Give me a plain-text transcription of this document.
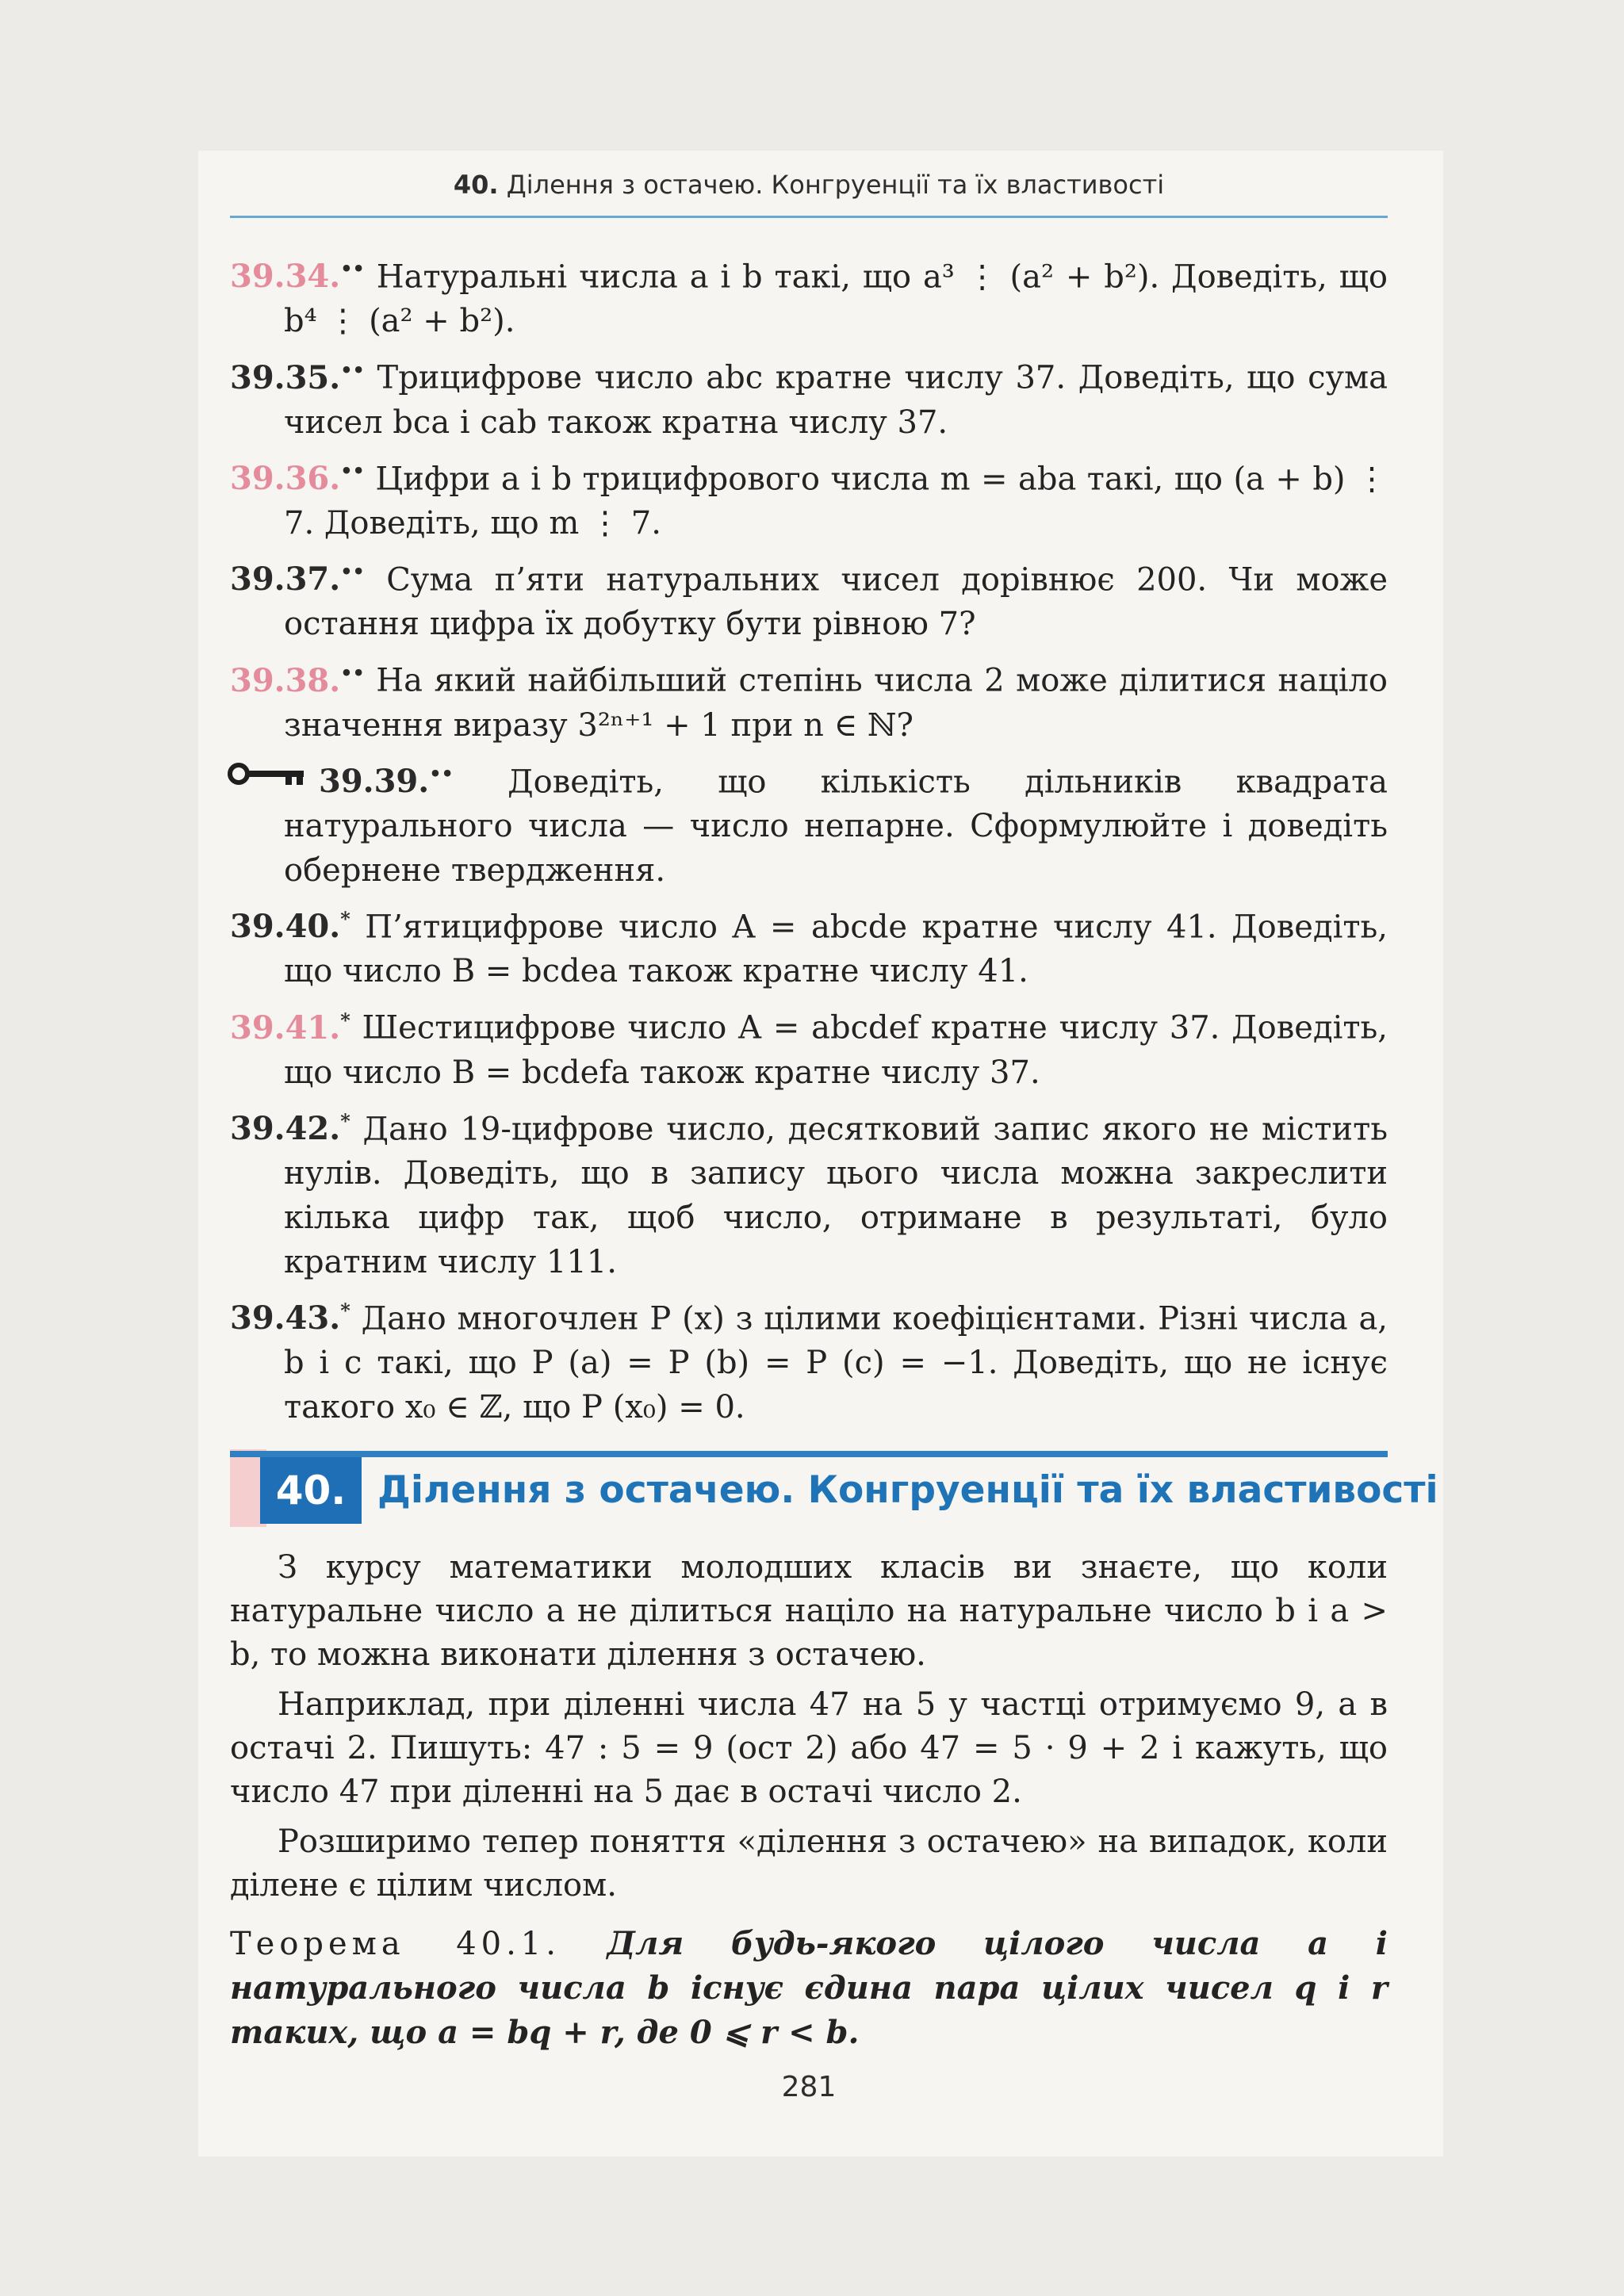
40. Ділення з остачею. Конгруенції та їх властивості
39.34.•• Натуральні числа a і b такі, що a³ ⋮ (a² + b²). Доведіть, що b⁴ ⋮ (a² + b²).
39.35.•• Трицифрове число abc кратне числу 37. Доведіть, що сума чисел bca і cab також кратна числу 37.
39.36.•• Цифри a і b трицифрового числа m = aba такі, що (a + b) ⋮ 7. Доведіть, що m ⋮ 7.
39.37.•• Сума п’яти натуральних чисел дорівнює 200. Чи може остання цифра їх добутку бути рівною 7?
39.38.•• На який найбільший степінь числа 2 може ділитися націло значення виразу 3²ⁿ⁺¹ + 1 при n ∈ ℕ?
39.39.•• Доведіть, що кількість дільників квадрата натурального числа — число непарне. Сформулюйте і доведіть обернене твердження.
39.40.* П’ятицифрове число A = abcde кратне числу 41. Доведіть, що число B = bcdea також кратне числу 41.
39.41.* Шестицифрове число A = abcdef кратне числу 37. Доведіть, що число B = bcdefa також кратне числу 37.
39.42.* Дано 19-цифрове число, десятковий запис якого не містить нулів. Доведіть, що в запису цього числа можна закреслити кілька цифр так, щоб число, отримане в результаті, було кратним числу 111.
39.43.* Дано многочлен P (x) з цілими коефіцієнтами. Різні числа a, b і c такі, що P (a) = P (b) = P (c) = −1. Доведіть, що не існує такого x₀ ∈ ℤ, що P (x₀) = 0.
40. Ділення з остачею. Конгруенції та їх властивості

З курсу математики молодших класів ви знаєте, що коли натуральне число a не ділиться націло на натуральне число b і a > b, то можна виконати ділення з остачею.

Наприклад, при діленні числа 47 на 5 у частці отримуємо 9, а в остачі 2. Пишуть: 47 : 5 = 9 (ост 2) або 47 = 5 · 9 + 2 і кажуть, що число 47 при діленні на 5 дає в остачі число 2.

Розширимо тепер поняття «ділення з остачею» на випадок, коли ділене є цілим числом.

Теорема 40.1. Для будь-якого цілого числа a і натурального числа b існує єдина пара цілих чисел q і r таких, що a = bq + r, де 0 ⩽ r < b.
281
